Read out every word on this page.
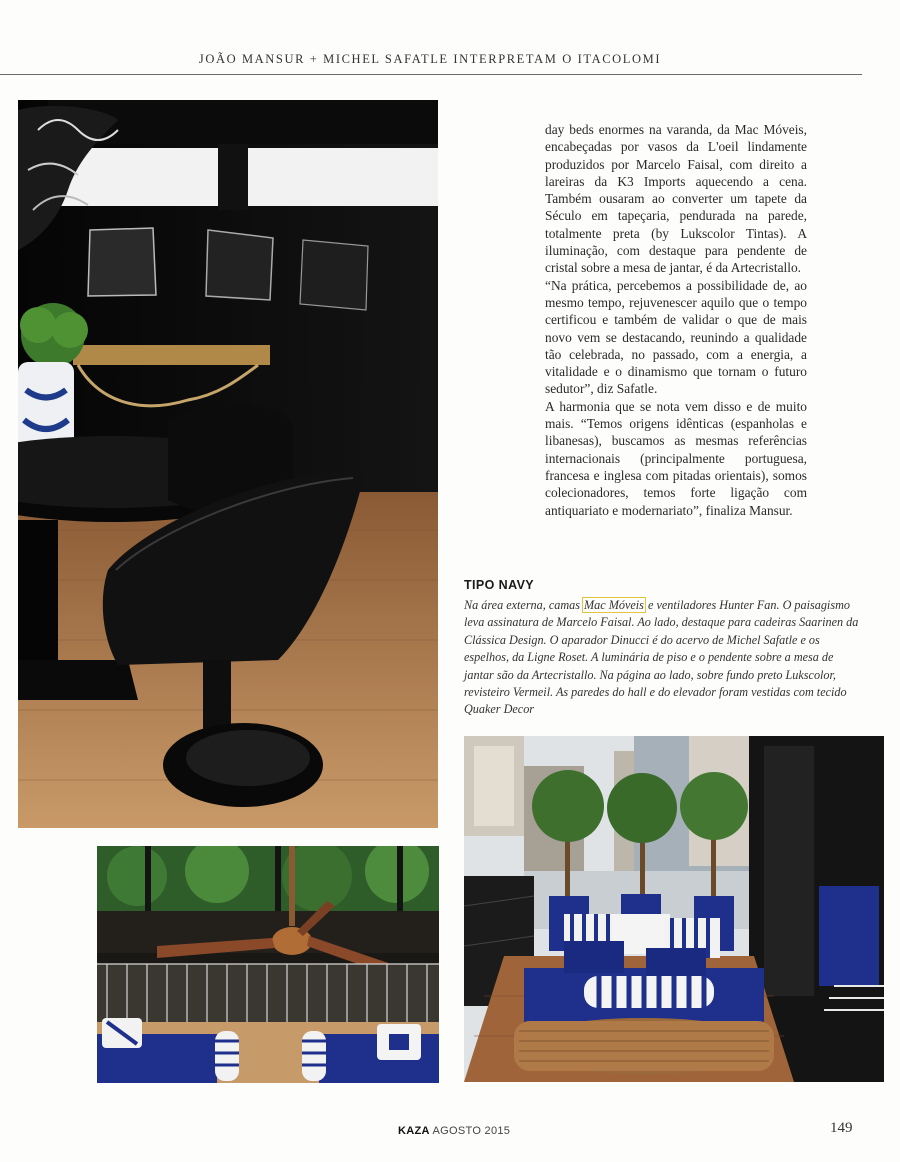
JOÃO MANSUR + MICHEL SAFATLE INTERPRETAM O ITACOLOMI

day beds enormes na varanda, da Mac Móveis, encabeçadas por vasos da L'oeil lindamente produzidos por Marcelo Faisal, com direito a lareiras da K3 Imports aquecendo a cena. Também ousaram ao converter um tapete da Século em tapeçaria, pendurada na parede, totalmente preta (by Lukscolor Tintas). A iluminação, com destaque para pendente de cristal sobre a mesa de jantar, é da Artecristallo.

“Na prática, percebemos a possibilidade de, ao mesmo tempo, rejuvenescer aquilo que o tempo certificou e também de validar o que de mais novo vem se destacando, reunindo a qualidade tão celebrada, no passado, com a energia, a vitalidade e o dinamismo que tornam o futuro sedutor”, diz Safatle.

A harmonia que se nota vem disso e de muito mais. “Temos origens idênticas (espanholas e libanesas), buscamos as mesmas referências internacionais (principalmente portuguesa, francesa e inglesa com pitadas orientais), somos colecionadores, temos forte ligação com antiquariato e modernariato”, finaliza Mansur.

TIPO NAVY
Na área externa, camas Mac Móveis e ventiladores Hunter Fan. O paisagismo leva assinatura de Marcelo Faisal. Ao lado, destaque para cadeiras Saarinen da Clássica Design. O aparador Dinucci é do acervo de Michel Safatle e os espelhos, da Ligne Roset. A luminária de piso e o pendente sobre a mesa de jantar são da Artecristallo. Na página ao lado, sobre fundo preto Lukscolor, revisteiro Vermeil. As paredes do hall e do elevador foram vestidas com tecido Quaker Decor
KAZA AGOSTO 2015	149
